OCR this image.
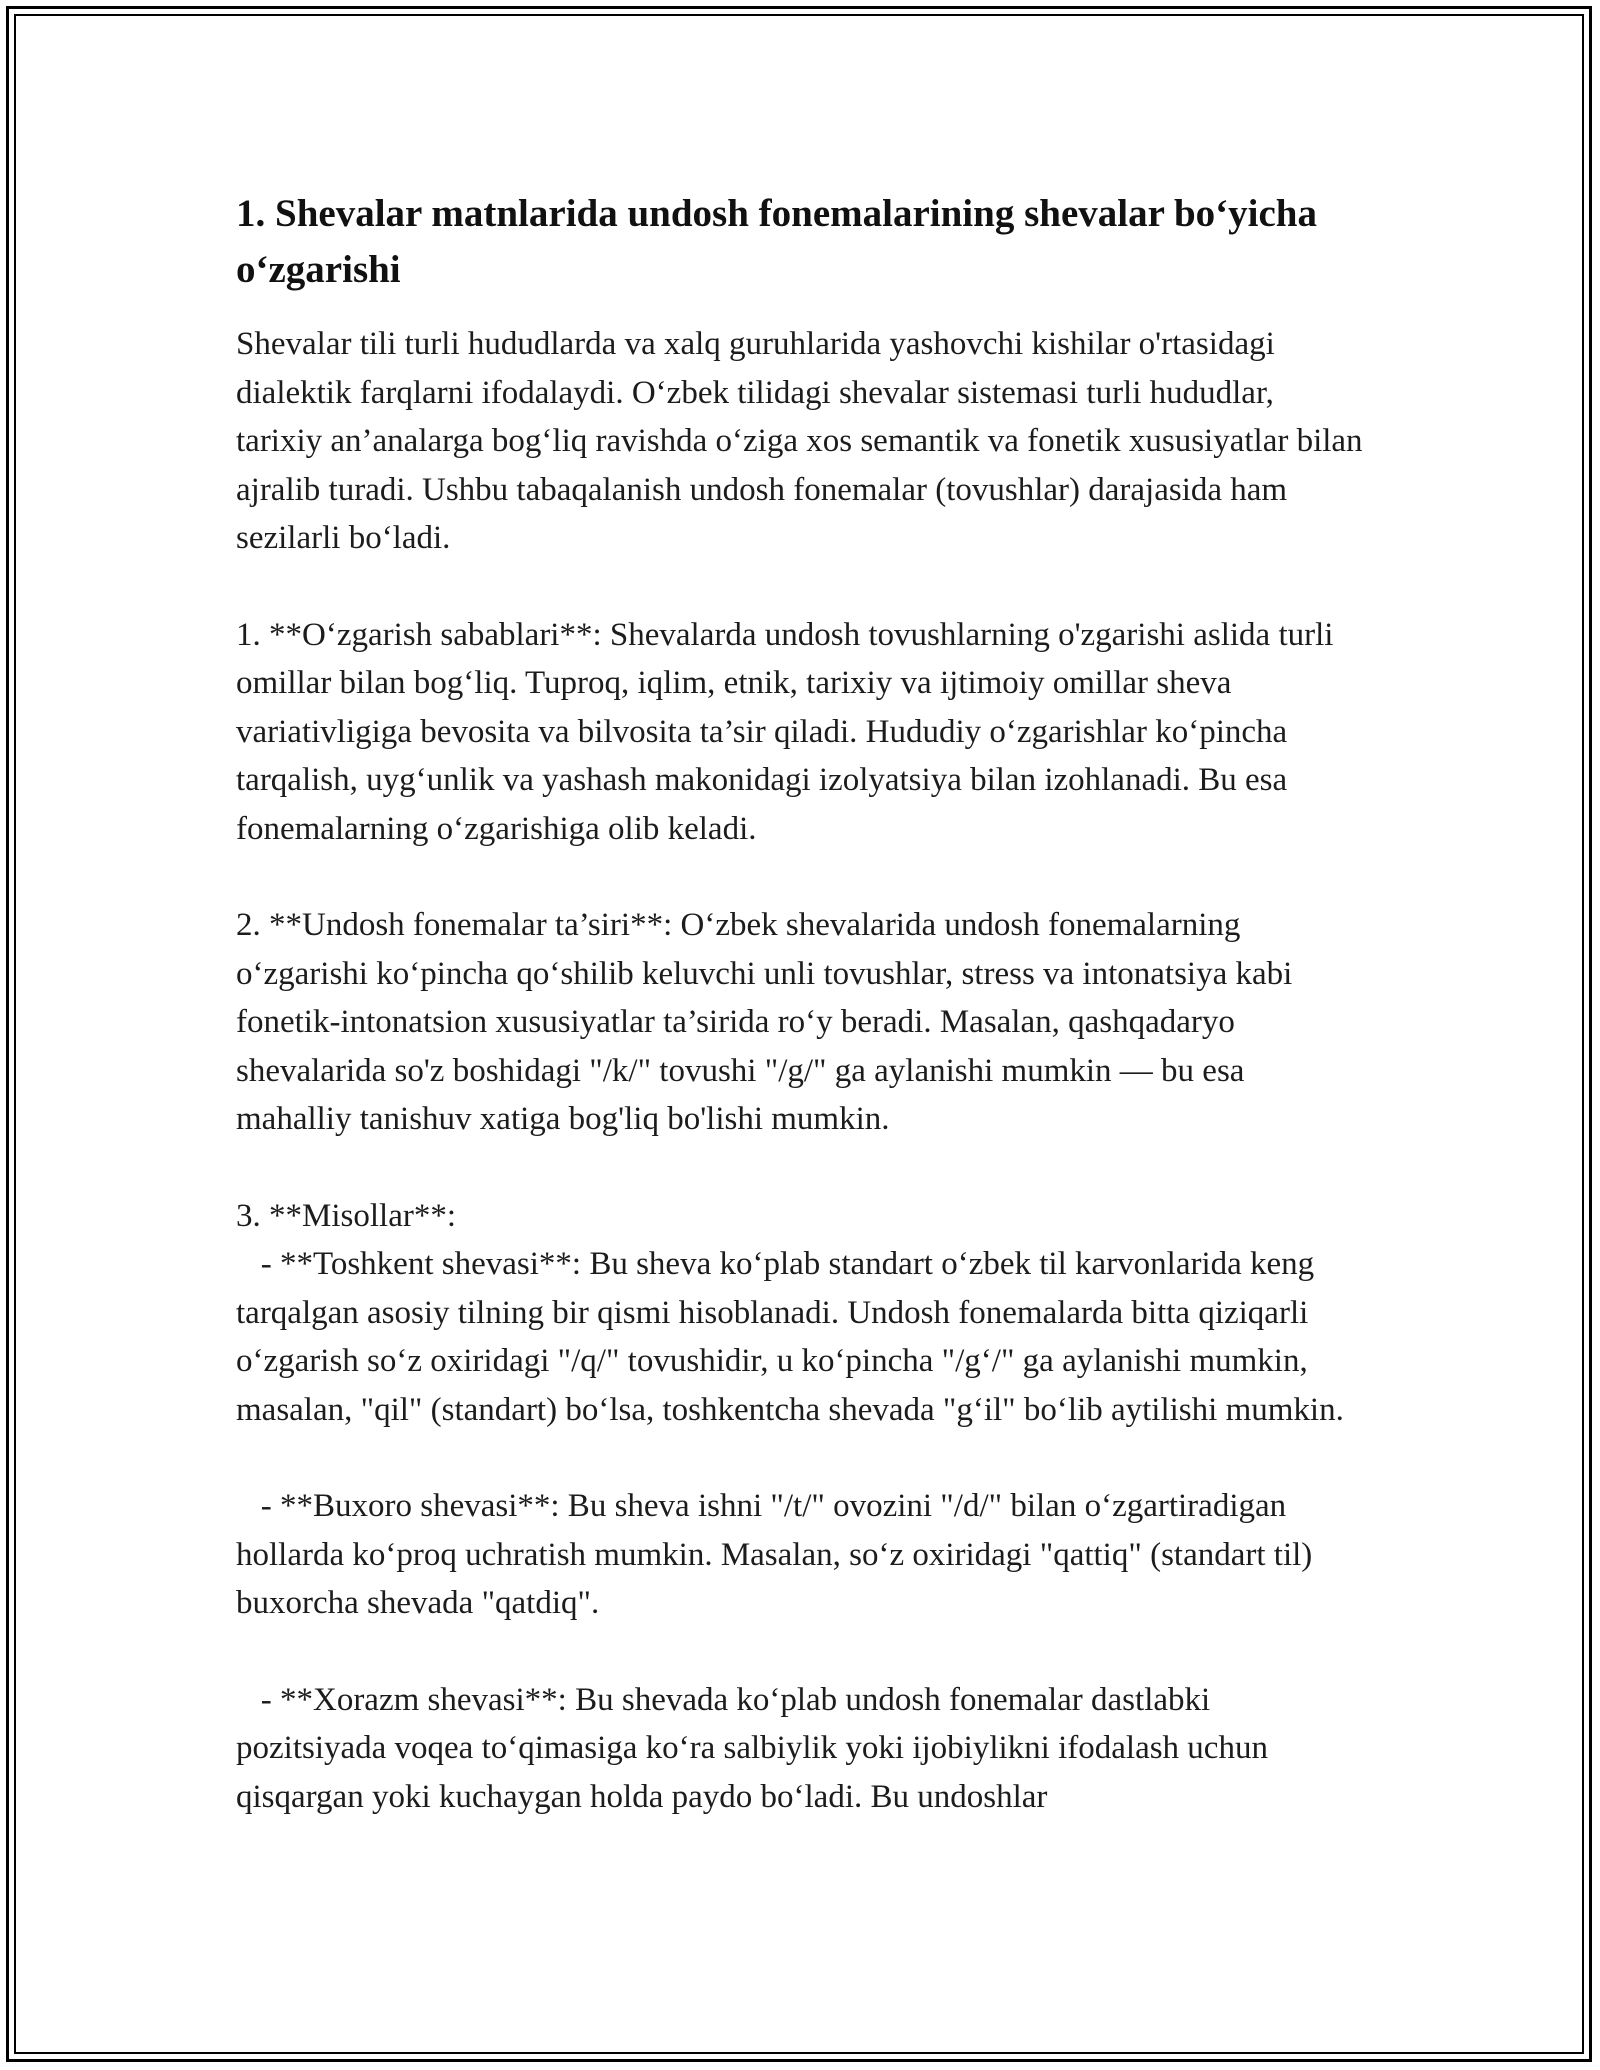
1. Shevalar matnlarida undosh fonemalarining shevalar bo‘yicha o‘zgarishi

Shevalar tili turli hududlarda va xalq guruhlarida yashovchi kishilar o'rtasidagi dialektik farqlarni ifodalaydi. O‘zbek tilidagi shevalar sistemasi turli hududlar, tarixiy an’analarga bog‘liq ravishda o‘ziga xos semantik va fonetik xususiyatlar bilan ajralib turadi. Ushbu tabaqalanish undosh fonemalar (tovushlar) darajasida ham sezilarli bo‘ladi.

1. **O‘zgarish sabablari**: Shevalarda undosh tovushlarning o'zgarishi aslida turli omillar bilan bog‘liq. Tuproq, iqlim, etnik, tarixiy va ijtimoiy omillar sheva variativligiga bevosita va bilvosita ta’sir qiladi. Hududiy o‘zgarishlar ko‘pincha tarqalish, uyg‘unlik va yashash makonidagi izolyatsiya bilan izohlanadi. Bu esa fonemalarning o‘zgarishiga olib keladi.

2. **Undosh fonemalar ta’siri**: O‘zbek shevalarida undosh fonemalarning o‘zgarishi ko‘pincha qo‘shilib keluvchi unli tovushlar, stress va intonatsiya kabi fonetik-intonatsion xususiyatlar ta’sirida ro‘y beradi. Masalan, qashqadaryo shevalarida so'z boshidagi "/k/" tovushi "/g/" ga aylanishi mumkin — bu esa mahalliy tanishuv xatiga bog'liq bo'lishi mumkin.

3. **Misollar**:

- **Toshkent shevasi**: Bu sheva ko‘plab standart o‘zbek til karvonlarida keng tarqalgan asosiy tilning bir qismi hisoblanadi. Undosh fonemalarda bitta qiziqarli o‘zgarish so‘z oxiridagi "/q/" tovushidir, u ko‘pincha "/g‘/" ga aylanishi mumkin, masalan, "qil" (standart) bo‘lsa, toshkentcha shevada "g‘il" bo‘lib aytilishi mumkin.

- **Buxoro shevasi**: Bu sheva ishni "/t/" ovozini "/d/" bilan o‘zgartiradigan hollarda ko‘proq uchratish mumkin. Masalan, so‘z oxiridagi "qattiq" (standart til) buxorcha shevada "qatdiq".

- **Xorazm shevasi**: Bu shevada ko‘plab undosh fonemalar dastlabki pozitsiyada voqea to‘qimasiga ko‘ra salbiylik yoki ijobiylikni ifodalash uchun qisqargan yoki kuchaygan holda paydo bo‘ladi. Bu undoshlar
